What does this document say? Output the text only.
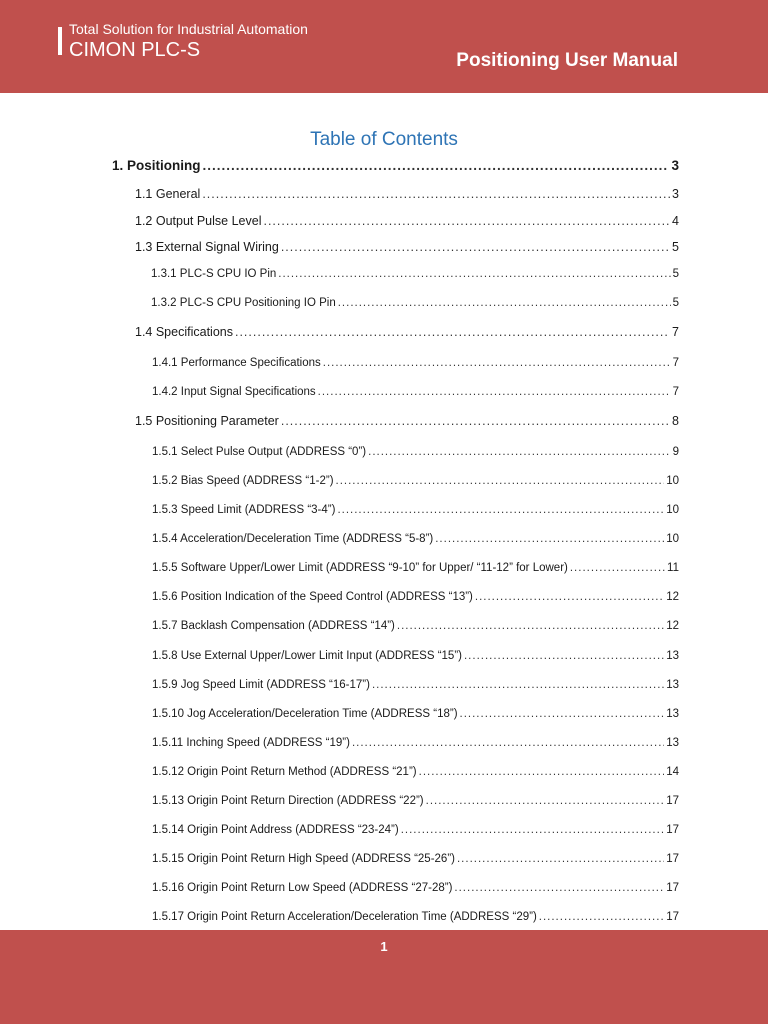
Total Solution for Industrial Automation
CIMON PLC-S	Positioning User Manual
Table of Contents
1. Positioning .....	3
1.1 General .....	3
1.2 Output Pulse Level .....	4
1.3 External Signal Wiring .....	5
1.3.1 PLC-S CPU IO Pin .....	5
1.3.2 PLC-S CPU Positioning IO Pin .....	5
1.4 Specifications .....	7
1.4.1 Performance Specifications .....	7
1.4.2 Input Signal Specifications .....	7
1.5 Positioning Parameter .....	8
1.5.1 Select Pulse Output (ADDRESS “0”) .....	9
1.5.2 Bias Speed (ADDRESS “1-2”) .....	10
1.5.3 Speed Limit (ADDRESS “3-4”) .....	10
1.5.4 Acceleration/Deceleration Time (ADDRESS “5-8”) .....	10
1.5.5 Software Upper/Lower Limit (ADDRESS “9-10” for Upper/ “11-12” for Lower) .....	11
1.5.6 Position Indication of the Speed Control (ADDRESS “13”) .....	12
1.5.7 Backlash Compensation (ADDRESS “14”) .....	12
1.5.8 Use External Upper/Lower Limit Input (ADDRESS “15”) .....	13
1.5.9 Jog Speed Limit (ADDRESS “16-17”) .....	13
1.5.10 Jog Acceleration/Deceleration Time (ADDRESS “18”) .....	13
1.5.11 Inching Speed (ADDRESS “19”) .....	13
1.5.12 Origin Point Return Method (ADDRESS “21”) .....	14
1.5.13 Origin Point Return Direction (ADDRESS “22”) .....	17
1.5.14 Origin Point Address (ADDRESS “23-24”) .....	17
1.5.15 Origin Point Return High Speed (ADDRESS “25-26”) .....	17
1.5.16 Origin Point Return Low Speed (ADDRESS “27-28”) .....	17
1.5.17 Origin Point Return Acceleration/Deceleration Time (ADDRESS “29”) .....	17
1
